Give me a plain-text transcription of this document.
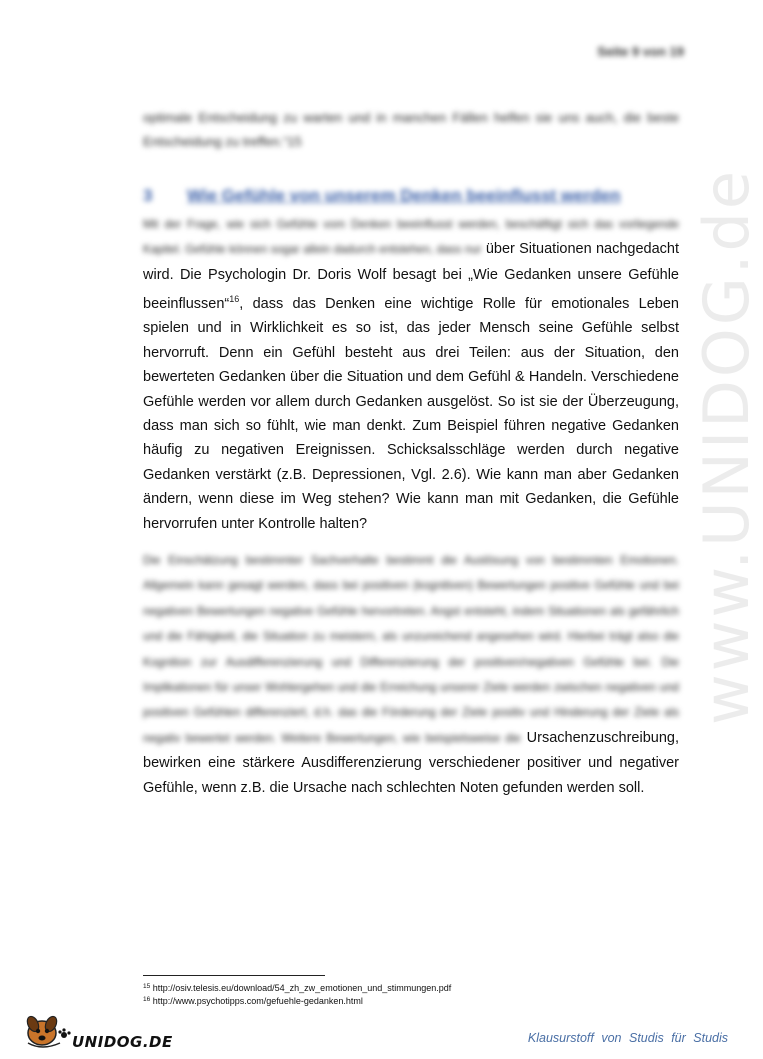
www.UNIDOG.de
Seite 9 von 19
optimale Entscheidung zu warten und in manchen Fällen helfen sie uns auch, die beste Entscheidung zu treffen.“15
3 Wie Gefühle von unserem Denken beeinflusst werden
Mit der Frage, wie sich Gefühle vom Denken beeinflusst werden, beschäftigt sich das vorliegende Kapitel. Gefühle können sogar allein dadurch entstehen, dass nur über Situationen nachgedacht wird. Die Psychologin Dr. Doris Wolf besagt bei „Wie Gedanken unsere Gefühle beeinflussen“$^{16}$, dass das Denken eine wichtige Rolle für emotionales Leben spielen und in Wirklichkeit es so ist, das jeder Mensch seine Gefühle selbst hervorruft. Denn ein Gefühl besteht aus drei Teilen: aus der Situation, den bewerteten Gedanken über die Situation und dem Gefühl & Handeln. Verschiedene Gefühle werden vor allem durch Gedanken ausgelöst. So ist sie der Überzeugung, dass man sich so fühlt, wie man denkt. Zum Beispiel führen negative Gedanken häufig zu negativen Ereignissen. Schicksalsschläge werden durch negative Gedanken verstärkt (z.B. Depressionen, Vgl. 2.6). Wie kann man aber Gedanken ändern, wenn diese im Weg stehen? Wie kann man mit Gedanken, die Gefühle hervorrufen unter Kontrolle halten?
Die Einschätzung bestimmter Sachverhalte bestimmt die Auslösung von bestimmten Emotionen. Allgemein kann gesagt werden, dass bei positiven (kognitiven) Bewertungen positive Gefühle und bei negativen Bewertungen negative Gefühle hervortreten. Angst entsteht, indem Situationen als gefährlich und die Fähigkeit, die Situation zu meistern, als unzureichend angesehen wird. Hierbei trägt also die Kognition zur Ausdifferenzierung und Differenzierung der positiven/negativen Gefühle bei. Die Implikationen für unser Wohlergehen und die Erreichung unserer Ziele werden zwischen negativen und positiven Gefühlen differenziert, d.h. das die Förderung der Ziele positiv und Hinderung der Ziele als negativ bewertet werden. Weitere Bewertungen, wie beispielsweise die Ursachenzuschreibung, bewirken eine stärkere Ausdifferenzierung verschiedener positiver und negativer Gefühle, wenn z.B. die Ursache nach schlechten Noten gefunden werden soll.
$^{15}$ http://osiv.telesis.eu/download/54_zh_zw_emotionen_und_stimmungen.pdf
$^{16}$ http://www.psychotipps.com/gefuehle-gedanken.html
UNIDOG.DE	Klausurstoff von Studis für Studis
